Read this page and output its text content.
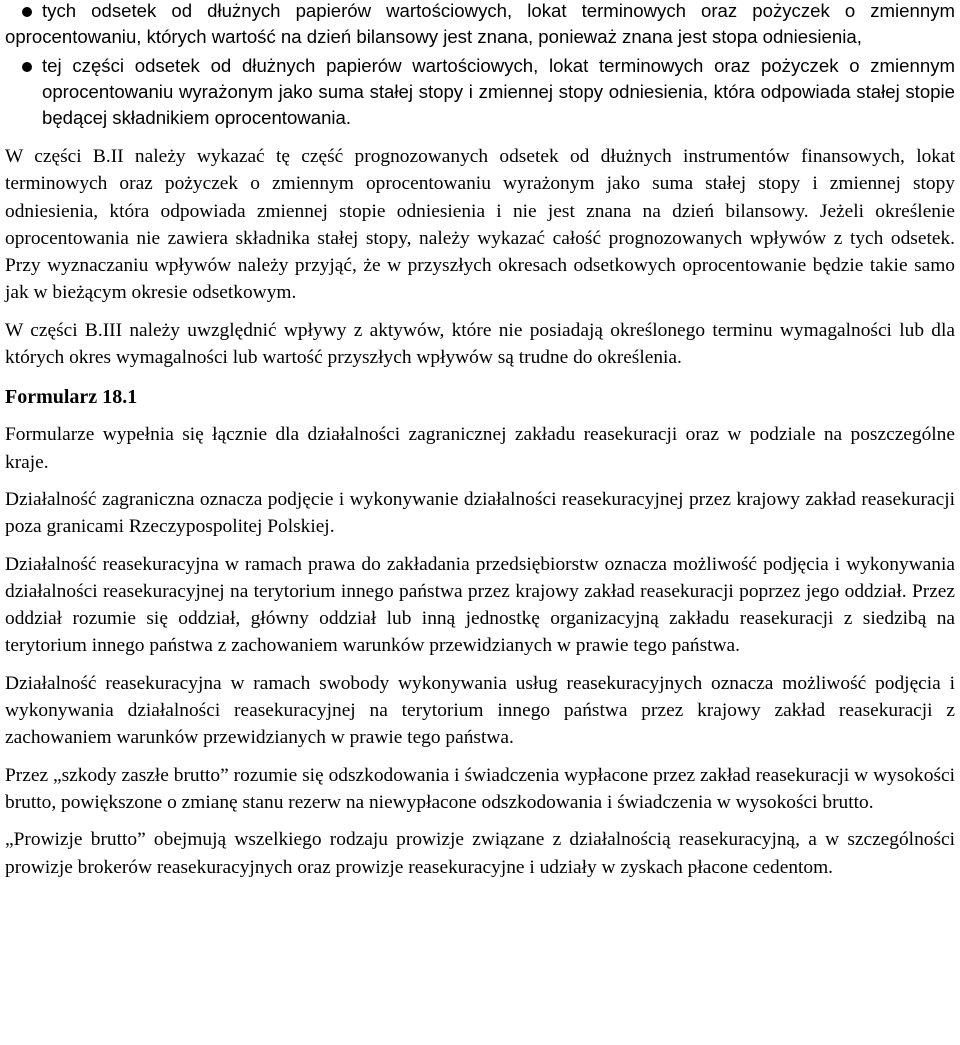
tych odsetek od dłużnych papierów wartościowych, lokat terminowych oraz pożyczek o zmiennym oprocentowaniu, których wartość na dzień bilansowy jest znana, ponieważ znana jest stopa odniesienia,
tej części odsetek od dłużnych papierów wartościowych, lokat terminowych oraz pożyczek o zmiennym oprocentowaniu wyrażonym jako suma stałej stopy i zmiennej stopy odniesienia, która odpowiada stałej stopie będącej składnikiem oprocentowania.

W części B.II należy wykazać tę część prognozowanych odsetek od dłużnych instrumentów finansowych, lokat terminowych oraz pożyczek o zmiennym oprocentowaniu wyrażonym jako suma stałej stopy i zmiennej stopy odniesienia, która odpowiada zmiennej stopie odniesienia i nie jest znana na dzień bilansowy. Jeżeli określenie oprocentowania nie zawiera składnika stałej stopy, należy wykazać całość prognozowanych wpływów z tych odsetek. Przy wyznaczaniu wpływów należy przyjąć, że w przyszłych okresach odsetkowych oprocentowanie będzie takie samo jak w bieżącym okresie odsetkowym.

W części B.III należy uwzględnić wpływy z aktywów, które nie posiadają określonego terminu wymagalności lub dla których okres wymagalności lub wartość przyszłych wpływów są trudne do określenia.

Formularz 18.1

Formularze wypełnia się łącznie dla działalności zagranicznej zakładu reasekuracji oraz w podziale na poszczególne kraje.

Działalność zagraniczna oznacza podjęcie i wykonywanie działalności reasekuracyjnej przez krajowy zakład reasekuracji poza granicami Rzeczypospolitej Polskiej.

Działalność reasekuracyjna w ramach prawa do zakładania przedsiębiorstw oznacza możliwość podjęcia i wykonywania działalności reasekuracyjnej na terytorium innego państwa przez krajowy zakład reasekuracji poprzez jego oddział. Przez oddział rozumie się oddział, główny oddział lub inną jednostkę organizacyjną zakładu reasekuracji z siedzibą na terytorium innego państwa z zachowaniem warunków przewidzianych w prawie tego państwa.

Działalność reasekuracyjna w ramach swobody wykonywania usług reasekuracyjnych oznacza możliwość podjęcia i wykonywania działalności reasekuracyjnej na terytorium innego państwa przez krajowy zakład reasekuracji z zachowaniem warunków przewidzianych w prawie tego państwa.

Przez „szkody zaszłe brutto” rozumie się odszkodowania i świadczenia wypłacone przez zakład reasekuracji w wysokości brutto, powiększone o zmianę stanu rezerw na niewypłacone odszkodowania i świadczenia w wysokości brutto.

„Prowizje brutto” obejmują wszelkiego rodzaju prowizje związane z działalnością reasekuracyjną, a w szczególności prowizje brokerów reasekuracyjnych oraz prowizje reasekuracyjne i udziały w zyskach płacone cedentom.
